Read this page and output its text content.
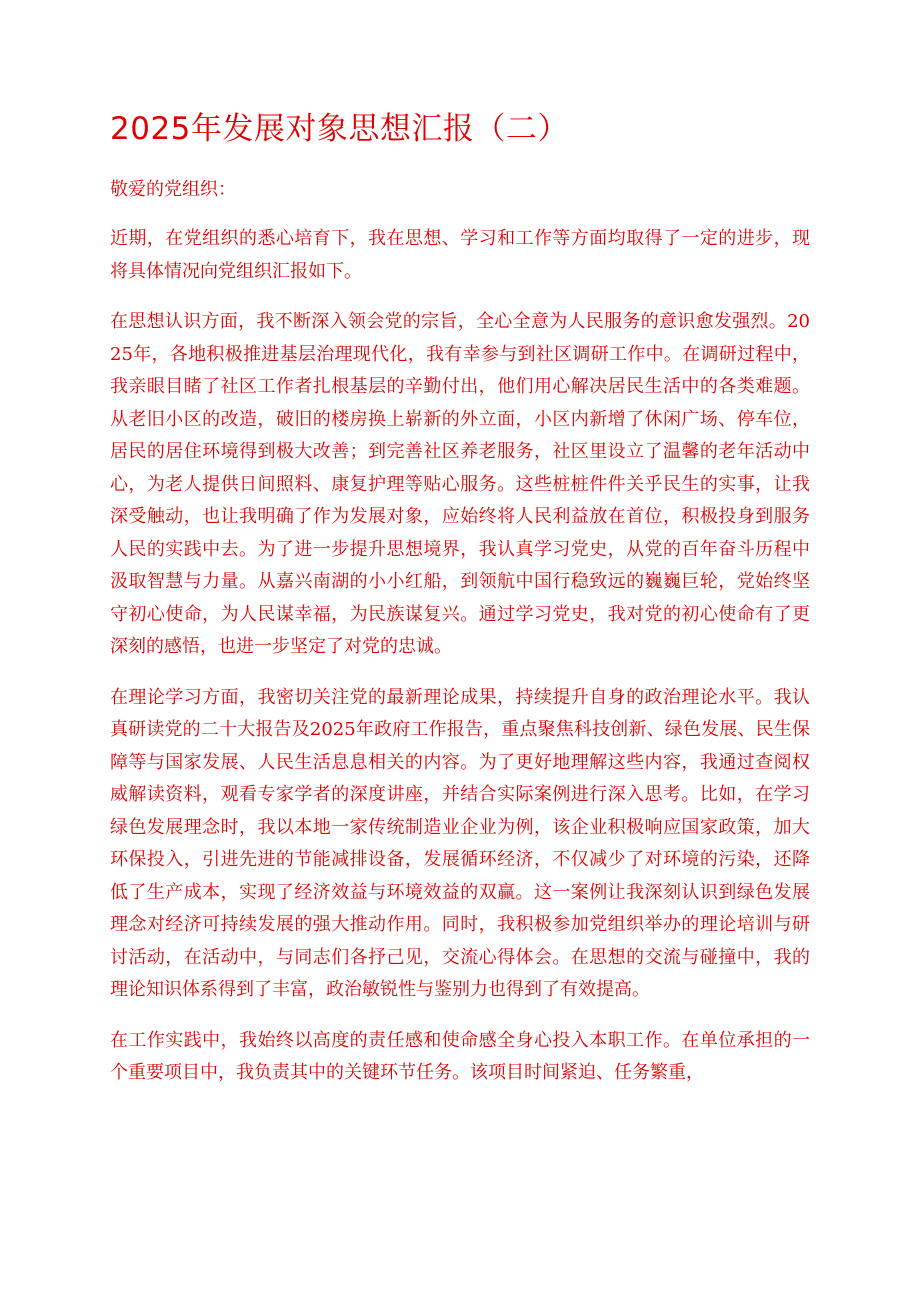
2025年发展对象思想汇报（二）

敬爱的党组织：

近期，在党组织的悉心培育下，我在思想、学习和工作等方面均取得了一定的进步，现将具体情况向党组织汇报如下。

在思想认识方面，我不断深入领会党的宗旨，全心全意为人民服务的意识愈发强烈。2025年，各地积极推进基层治理现代化，我有幸参与到社区调研工作中。在调研过程中，我亲眼目睹了社区工作者扎根基层的辛勤付出，他们用心解决居民生活中的各类难题。从老旧小区的改造，破旧的楼房换上崭新的外立面，小区内新增了休闲广场、停车位，居民的居住环境得到极大改善；到完善社区养老服务，社区里设立了温馨的老年活动中心，为老人提供日间照料、康复护理等贴心服务。这些桩桩件件关乎民生的实事，让我深受触动，也让我明确了作为发展对象，应始终将人民利益放在首位，积极投身到服务人民的实践中去。为了进一步提升思想境界，我认真学习党史，从党的百年奋斗历程中汲取智慧与力量。从嘉兴南湖的小小红船，到领航中国行稳致远的巍巍巨轮，党始终坚守初心使命，为人民谋幸福，为民族谋复兴。通过学习党史，我对党的初心使命有了更深刻的感悟，也进一步坚定了对党的忠诚。

在理论学习方面，我密切关注党的最新理论成果，持续提升自身的政治理论水平。我认真研读党的二十大报告及2025年政府工作报告，重点聚焦科技创新、绿色发展、民生保障等与国家发展、人民生活息息相关的内容。为了更好地理解这些内容，我通过查阅权威解读资料，观看专家学者的深度讲座，并结合实际案例进行深入思考。比如，在学习绿色发展理念时，我以本地一家传统制造业企业为例，该企业积极响应国家政策，加大环保投入，引进先进的节能减排设备，发展循环经济，不仅减少了对环境的污染，还降低了生产成本，实现了经济效益与环境效益的双赢。这一案例让我深刻认识到绿色发展理念对经济可持续发展的强大推动作用。同时，我积极参加党组织举办的理论培训与研讨活动，在活动中，与同志们各抒己见，交流心得体会。在思想的交流与碰撞中，我的理论知识体系得到了丰富，政治敏锐性与鉴别力也得到了有效提高。

在工作实践中，我始终以高度的责任感和使命感全身心投入本职工作。在单位承担的一个重要项目中，我负责其中的关键环节任务。该项目时间紧迫、任务繁重，
